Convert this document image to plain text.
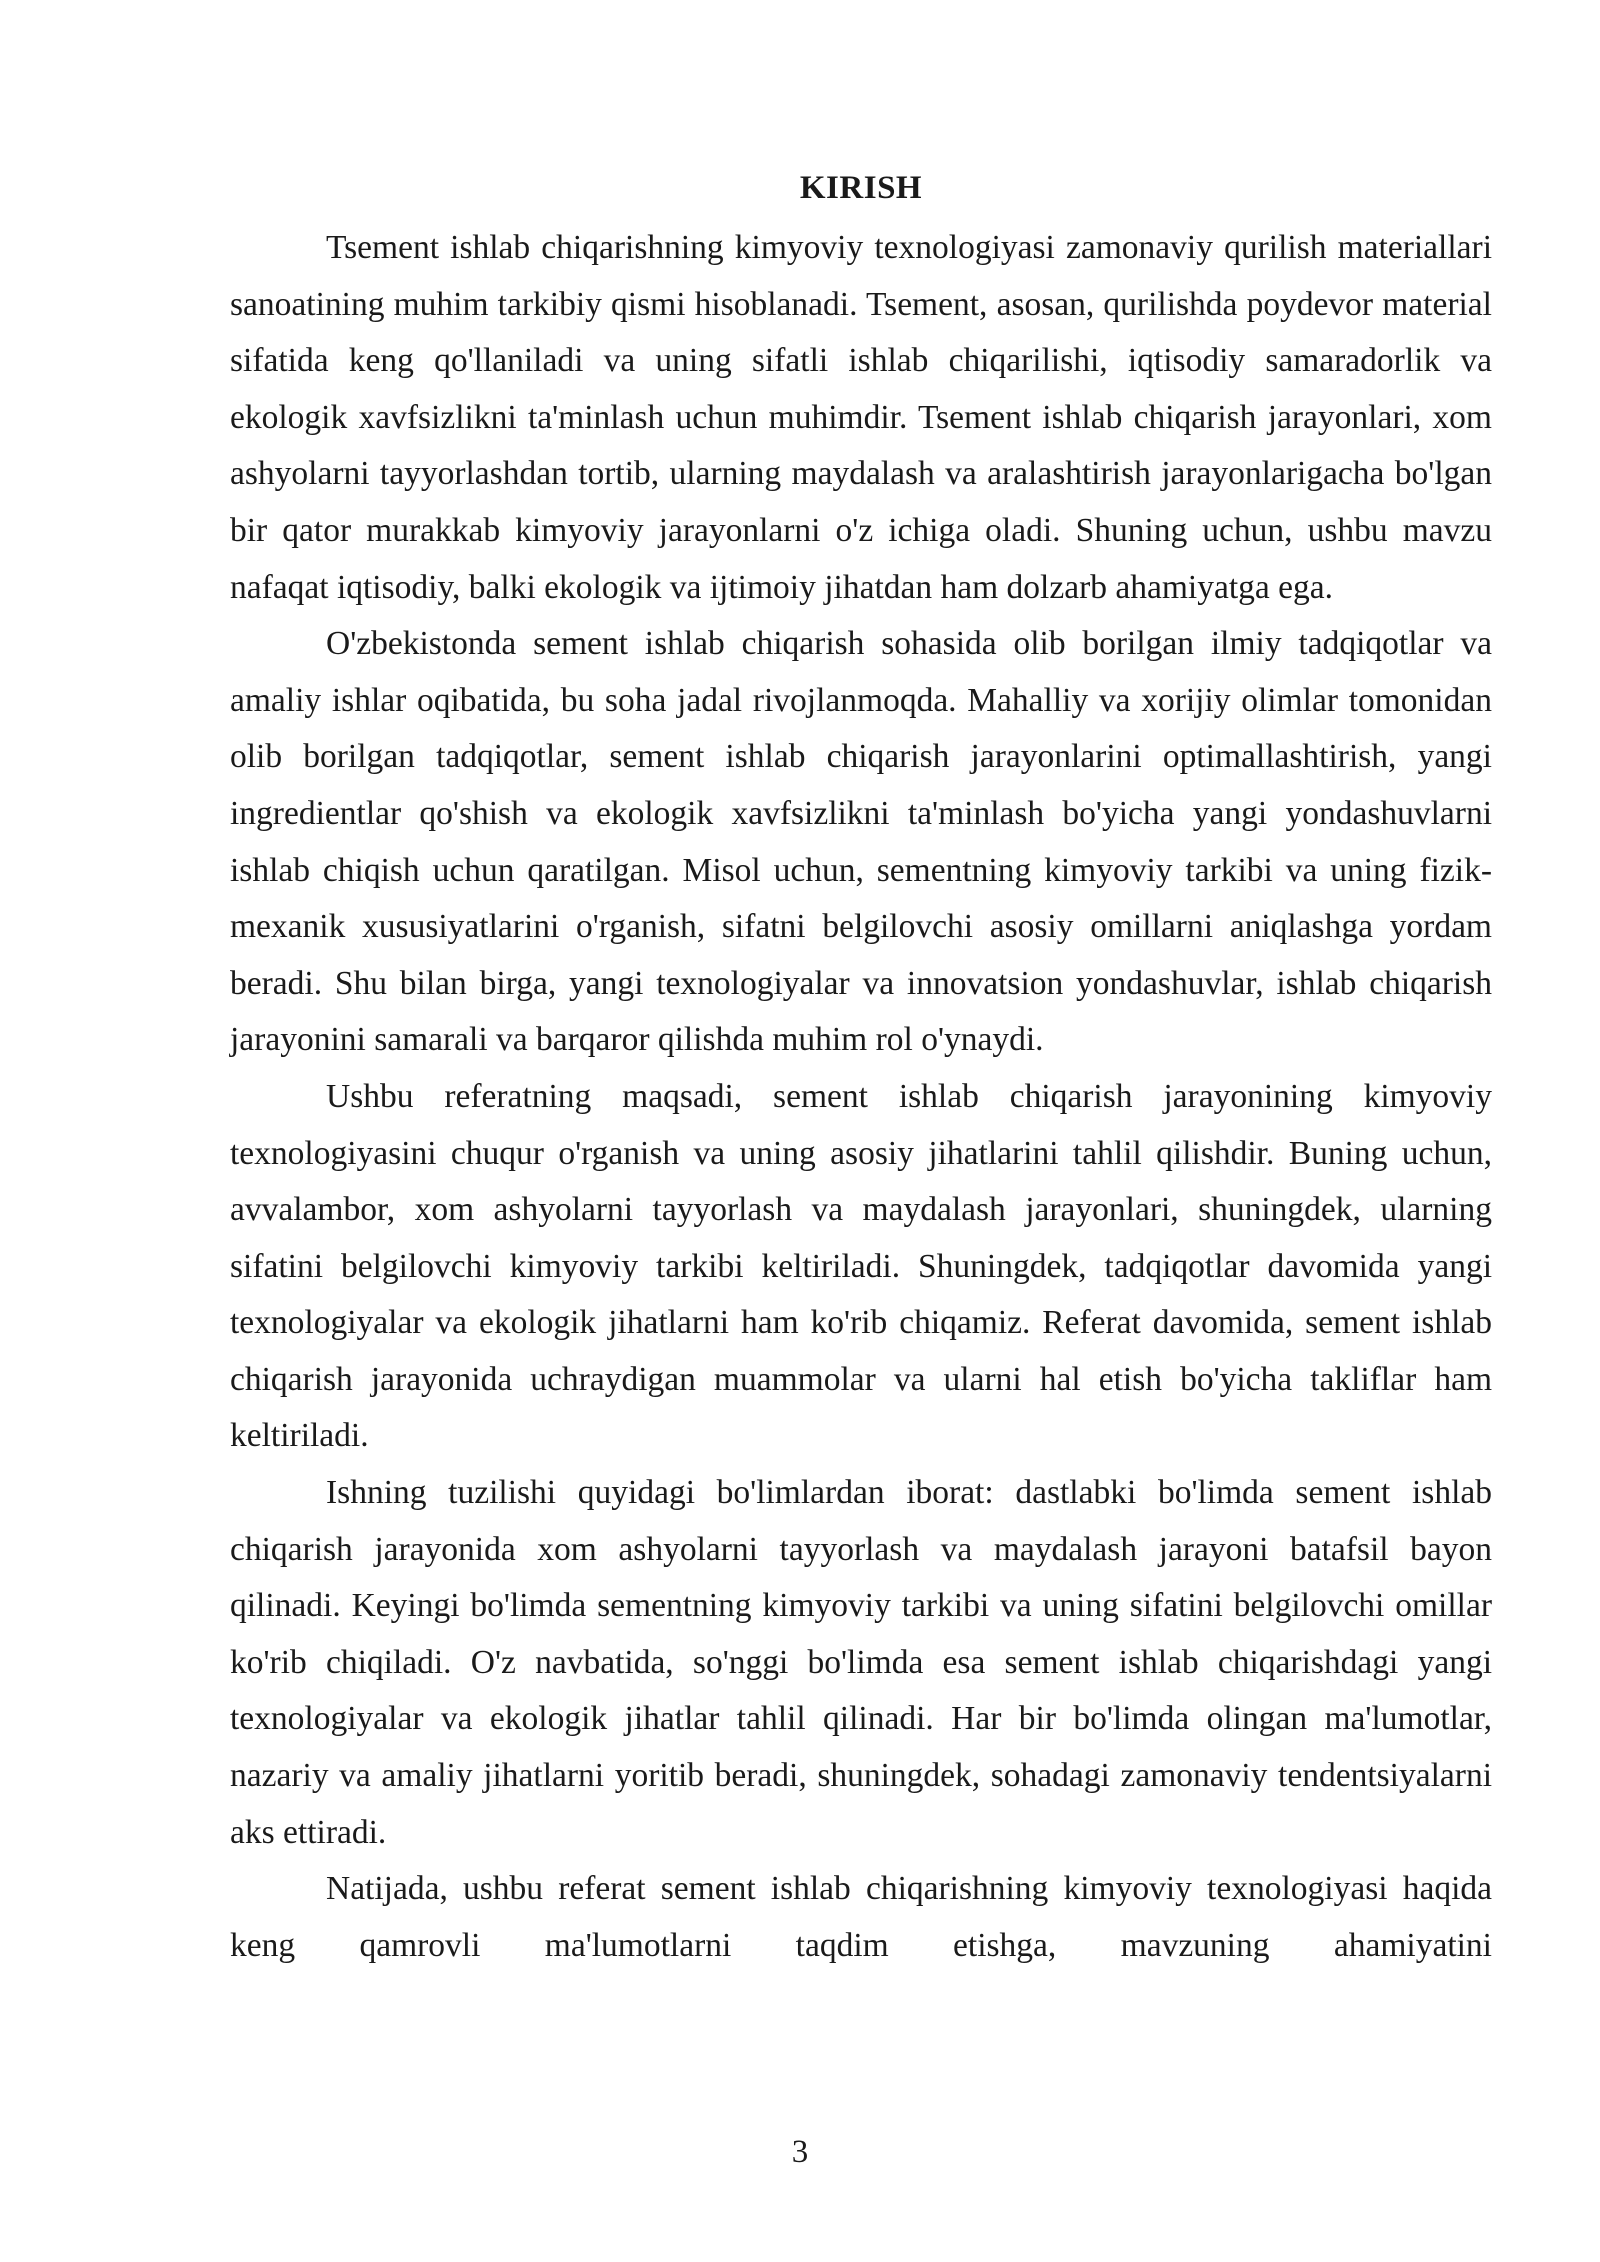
KIRISH

Tsement ishlab chiqarishning kimyoviy texnologiyasi zamonaviy qurilish materiallari sanoatining muhim tarkibiy qismi hisoblanadi. Tsement, asosan, qurilishda poydevor material sifatida keng qo'llaniladi va uning sifatli ishlab chiqarilishi, iqtisodiy samaradorlik va ekologik xavfsizlikni ta'minlash uchun muhimdir. Tsement ishlab chiqarish jarayonlari, xom ashyolarni tayyorlashdan tortib, ularning maydalash va aralashtirish jarayonlarigacha bo'lgan bir qator murakkab kimyoviy jarayonlarni o'z ichiga oladi. Shuning uchun, ushbu mavzu nafaqat iqtisodiy, balki ekologik va ijtimoiy jihatdan ham dolzarb ahamiyatga ega.

O'zbekistonda sement ishlab chiqarish sohasida olib borilgan ilmiy tadqiqotlar va amaliy ishlar oqibatida, bu soha jadal rivojlanmoqda. Mahalliy va xorijiy olimlar tomonidan olib borilgan tadqiqotlar, sement ishlab chiqarish jarayonlarini optimallashtirish, yangi ingredientlar qo'shish va ekologik xavfsizlikni ta'minlash bo'yicha yangi yondashuvlarni ishlab chiqish uchun qaratilgan. Misol uchun, sementning kimyoviy tarkibi va uning fizik-mexanik xususiyatlarini o'rganish, sifatni belgilovchi asosiy omillarni aniqlashga yordam beradi. Shu bilan birga, yangi texnologiyalar va innovatsion yondashuvlar, ishlab chiqarish jarayonini samarali va barqaror qilishda muhim rol o'ynaydi.

Ushbu referatning maqsadi, sement ishlab chiqarish jarayonining kimyoviy texnologiyasini chuqur o'rganish va uning asosiy jihatlarini tahlil qilishdir. Buning uchun, avvalambor, xom ashyolarni tayyorlash va maydalash jarayonlari, shuningdek, ularning sifatini belgilovchi kimyoviy tarkibi keltiriladi. Shuningdek, tadqiqotlar davomida yangi texnologiyalar va ekologik jihatlarni ham ko'rib chiqamiz. Referat davomida, sement ishlab chiqarish jarayonida uchraydigan muammolar va ularni hal etish bo'yicha takliflar ham keltiriladi.

Ishning tuzilishi quyidagi bo'limlardan iborat: dastlabki bo'limda sement ishlab chiqarish jarayonida xom ashyolarni tayyorlash va maydalash jarayoni batafsil bayon qilinadi. Keyingi bo'limda sementning kimyoviy tarkibi va uning sifatini belgilovchi omillar ko'rib chiqiladi. O'z navbatida, so'nggi bo'limda esa sement ishlab chiqarishdagi yangi texnologiyalar va ekologik jihatlar tahlil qilinadi. Har bir bo'limda olingan ma'lumotlar, nazariy va amaliy jihatlarni yoritib beradi, shuningdek, sohadagi zamonaviy tendentsiyalarni aks ettiradi.

Natijada, ushbu referat sement ishlab chiqarishning kimyoviy texnologiyasi haqida keng qamrovli ma'lumotlarni taqdim etishga, mavzuning ahamiyatini

3
